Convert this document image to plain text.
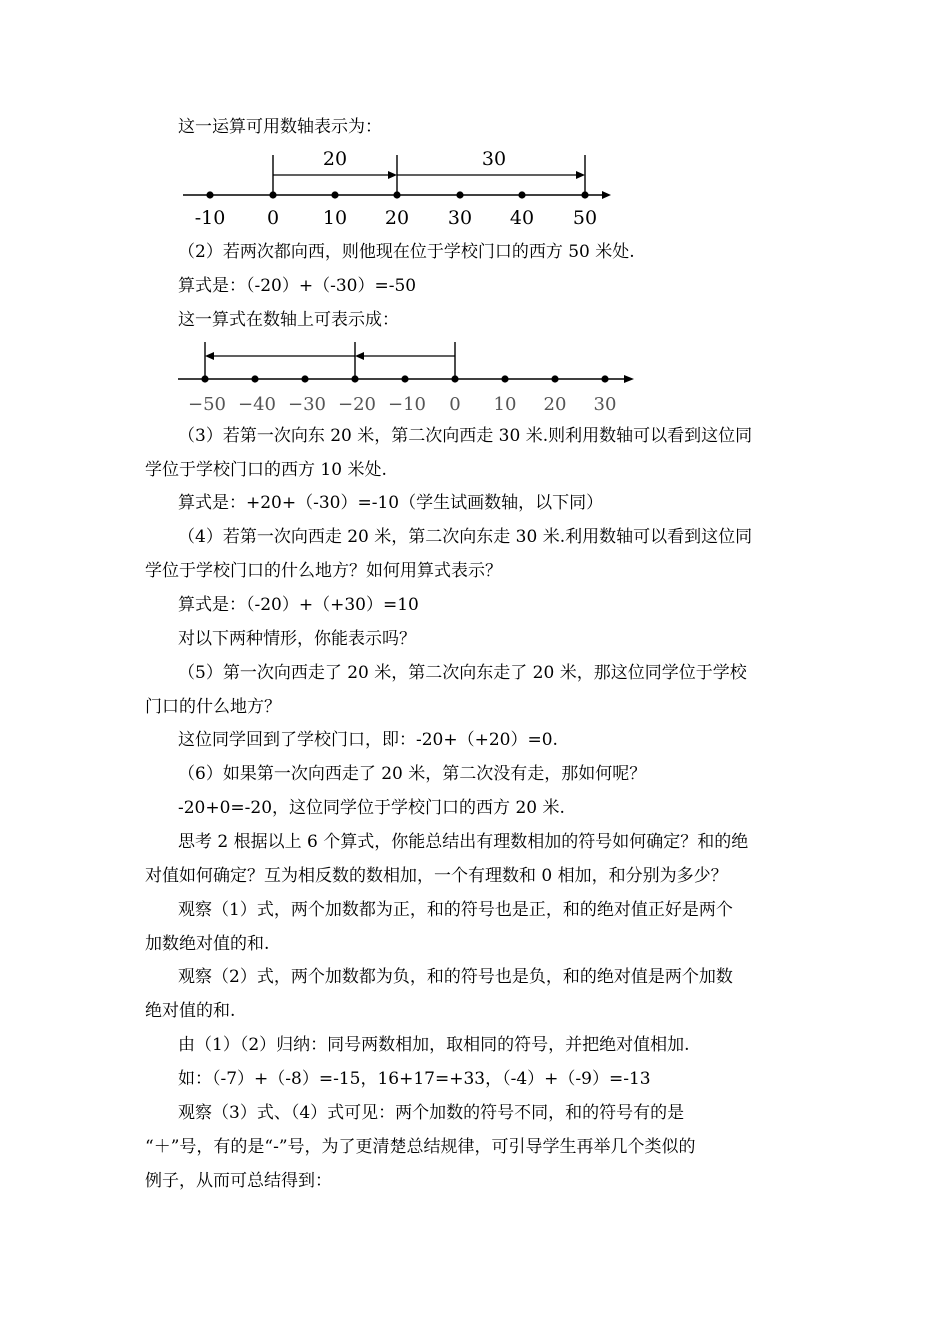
这一运算可用数轴表示为：
20	30
-10 0 10 20 30 40 50
（2）若两次都向西，则他现在位于学校门口的西方 50 米处.
算式是：（-20）+（-30）=-50
这一算式在数轴上可表示成：
−50 −40 −30 −20 −10 0 10 20 30
（3）若第一次向东 20 米，第二次向西走 30 米.则利用数轴可以看到这位同
学位于学校门口的西方 10 米处.
算式是：+20+（-30）=-10（学生试画数轴，以下同）
（4）若第一次向西走 20 米，第二次向东走 30 米.利用数轴可以看到这位同
学位于学校门口的什么地方？如何用算式表示？
算式是：（-20）+（+30）=10
对以下两种情形，你能表示吗？
（5）第一次向西走了 20 米，第二次向东走了 20 米，那这位同学位于学校
门口的什么地方？
这位同学回到了学校门口，即：-20+（+20）=0.
（6）如果第一次向西走了 20 米，第二次没有走，那如何呢？
-20+0=-20，这位同学位于学校门口的西方 20 米.
思考 2 根据以上 6 个算式，你能总结出有理数相加的符号如何确定？和的绝
对值如何确定？互为相反数的数相加，一个有理数和 0 相加，和分别为多少？
观察（1）式，两个加数都为正，和的符号也是正，和的绝对值正好是两个
加数绝对值的和.
观察（2）式，两个加数都为负，和的符号也是负，和的绝对值是两个加数
绝对值的和.
由（1）（2）归纳：同号两数相加，取相同的符号，并把绝对值相加.
如：（-7）+（-8）=-15，16+17=+33，（-4）+（-9）=-13
观察（3）式、（4）式可见：两个加数的符号不同，和的符号有的是
“＋”号，有的是“-”号，为了更清楚总结规律，可引导学生再举几个类似的
例子，从而可总结得到：
